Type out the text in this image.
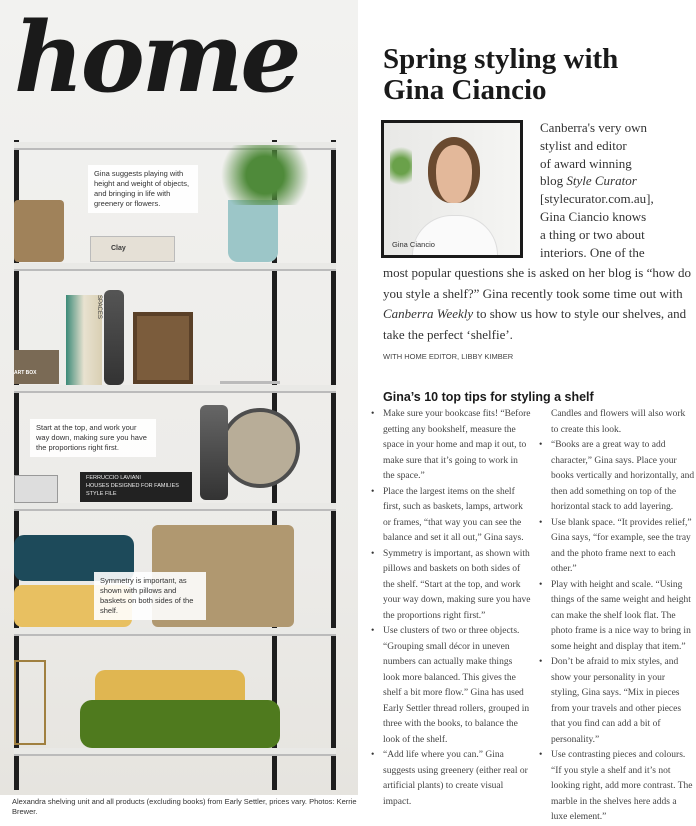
Clay
ART BOX
SPACES
FERRUCCIO LAVIANI
HOUSES DESIGNED FOR FAMILIES
STYLE FILE
home
Gina suggests playing with height and weight of objects, and bringing in life with greenery or flowers.
Start at the top, and work your way down, making sure you have the proportions right first.
Symmetry is important, as shown with pillows and baskets on both sides of the shelf.
Alexandra shelving unit and all products (excluding books) from Early Settler, prices vary. Photos: Kerrie Brewer.
Spring styling with
Gina Ciancio
Gina Ciancio
Canberra's very own
stylist and editor
of award winning
blog Style Curator
[stylecurator.com.au],
Gina Ciancio knows
a thing or two about
interiors. One of the
most popular questions she is asked on her blog is “how do you style a shelf?” Gina recently took some time out with Canberra Weekly to show us how to style our shelves, and take the perfect ‘shelfie’.
WITH HOME EDITOR, LIBBY KIMBER
Gina’s 10 top tips for styling a shelf
• Make sure your bookcase fits! “Before getting any bookshelf, measure the space in your home and map it out, to make sure that it’s going to work in the space.”
• Place the largest items on the shelf first, such as baskets, lamps, artwork or frames, “that way you can see the balance and set it all out,” Gina says.
• Symmetry is important, as shown with pillows and baskets on both sides of the shelf. “Start at the top, and work your way down, making sure you have the proportions right first.”
• Use clusters of two or three objects. “Grouping small décor in uneven numbers can actually make things look more balanced. This gives the shelf a bit more flow.” Gina has used Early Settler thread rollers, grouped in three with the books, to balance the look of the shelf.
• “Add life where you can.” Gina suggests using greenery (either real or artificial plants) to create visual impact.
Candles and flowers will also work to create this look.
• “Books are a great way to add character,” Gina says. Place your books vertically and horizontally, and then add something on top of the horizontal stack to add layering.
• Use blank space. “It provides relief,” Gina says, “for example, see the tray and the photo frame next to each other.”
• Play with height and scale. “Using things of the same weight and height can make the shelf look flat. The photo frame is a nice way to bring in some height and display that item.”
• Don’t be afraid to mix styles, and show your personality in your styling, Gina says. “Mix in pieces from your travels and other pieces that you find can add a bit of personality.”
• Use contrasting pieces and colours. “If you style a shelf and it’s not looking right, add more contrast. The marble in the shelves here adds a luxe element.”
